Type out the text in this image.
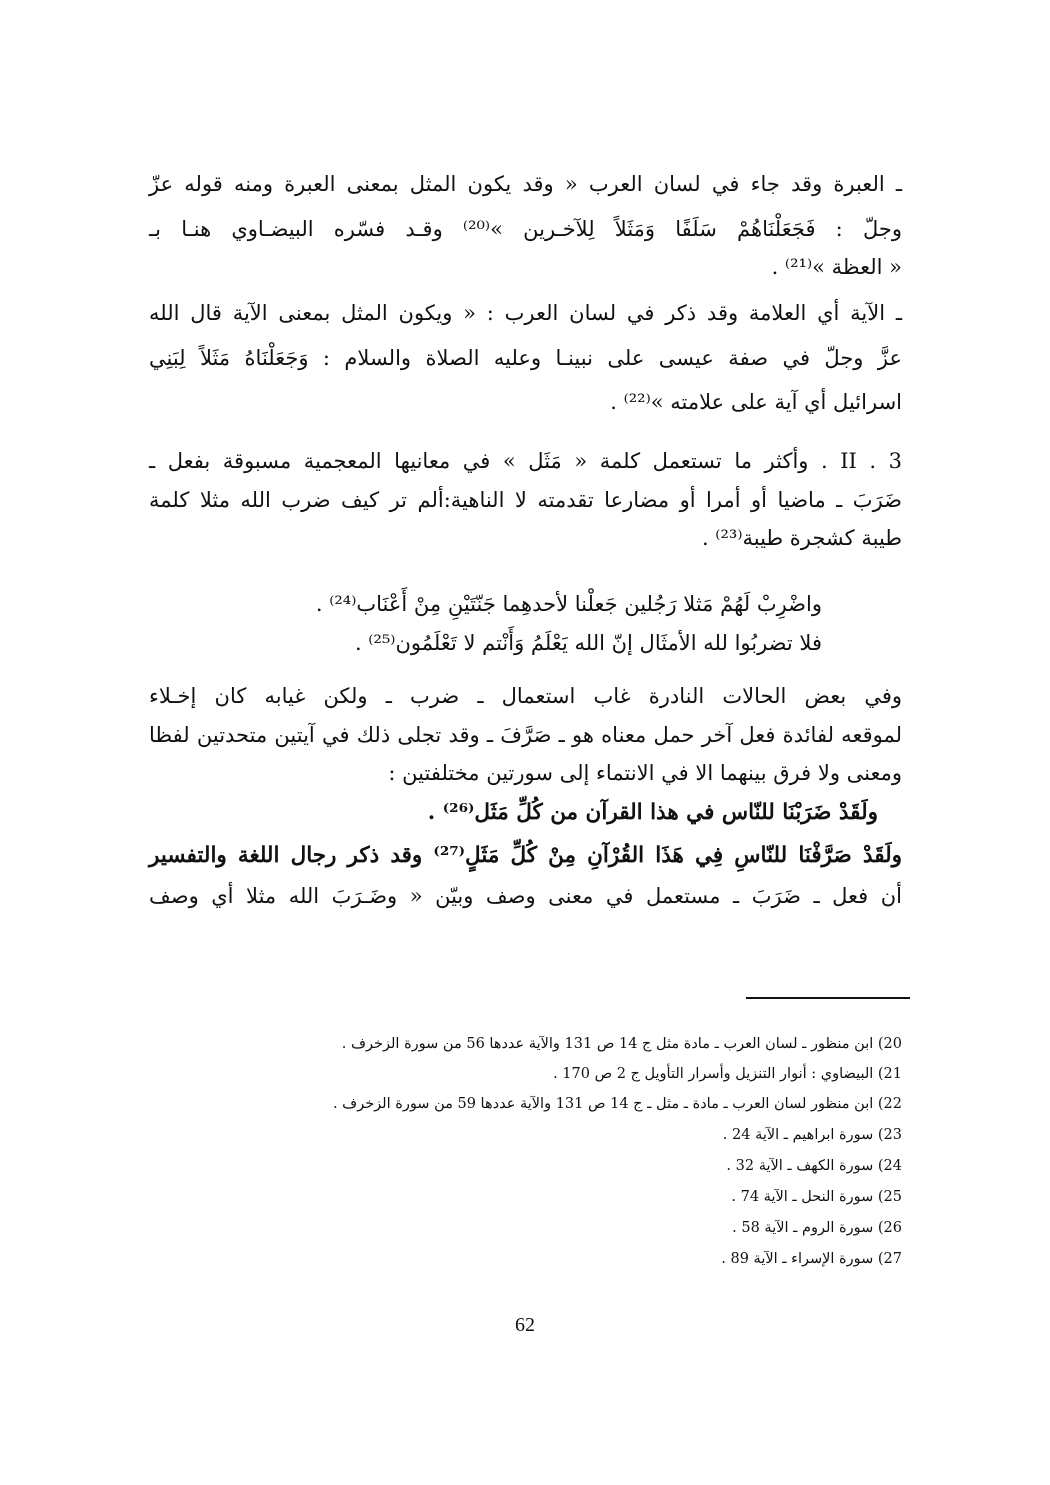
ـ العبرة وقد جاء في لسان العرب « وقد يكون المثل بمعنى العبرة ومنه قوله عزّ
وجلّ : فَجَعَلْنَاهُمْ سَلَفًا وَمَثَلاً لِلآخـرين »⁽²⁰⁾ وقـد فسّره البيضـاوي هنـا بـ
« العظة »⁽²¹⁾ .
ـ الآية أي العلامة وقد ذكر في لسان العرب : « ويكون المثل بمعنى الآية قال الله
عزَّ وجلّ في صفة عيسى على نبينـا وعليه الصلاة والسلام : وَجَعَلْنَاهُ مَثَلاً لِبَنِي
اسرائيل أي آية على علامته »⁽²²⁾ .
II . 3 . وأكثر ما تستعمل كلمة « مَثَل » في معانيها المعجمية مسبوقة بفعل ـ
ضَرَبَ ـ ماضيا أو أمرا أو مضارعا تقدمته لا الناهية:ألم تر كيف ضرب الله مثلا كلمة
طيبة كشجرة طيبة⁽²³⁾ .
واضْرِبْ لَهُمْ مَثلا رَجُلين جَعلْنا لأحدهِما جَنّتَيْنِ مِنْ أَعْنَاب⁽²⁴⁾ .
فلا تضربُوا لله الأمثَال إنّ الله يَعْلَمُ وَأَنْتم لا تَعْلَمُون⁽²⁵⁾ .
وفي بعض الحالات النادرة غاب استعمال ـ ضرب ـ ولكن غيابه كان إخـلاء
لموقعه لفائدة فعل آخر حمل معناه هو ـ صَرَّفَ ـ وقد تجلى ذلك في آيتين متحدتين لفظا
ومعنى ولا فرق بينهما الا في الانتماء إلى سورتين مختلفتين :
ولَقَدْ ضَرَبْنَا للنّاس في هذا القرآن من كُلِّ مَثَل⁽²⁶⁾ .
ولَقَدْ صَرَّفْنَا للنّاسِ فِي هَذَا القُرْآنِ مِنْ كُلِّ مَثَلٍ⁽²⁷⁾ وقد ذكر رجال اللغة والتفسير
أن فعل ـ ضَرَبَ ـ مستعمل في معنى وصف وبيّن « وضَـرَبَ الله مثلا أي وصف
20) ابن منظور ـ لسان العرب ـ مادة مثل ج 14 ص 131 والآية عددها 56 من سورة الزخرف .
21) البيضاوي : أنوار التنزيل وأسرار التأويل ج 2 ص 170 .
22) ابن منظور لسان العرب ـ مادة ـ مثل ـ ج 14 ص 131 والآية عددها 59 من سورة الزخرف .
23) سورة ابراهيم ـ الآية 24 .
24) سورة الكهف ـ الآية 32 .
25) سورة النحل ـ الآية 74 .
26) سورة الروم ـ الآية 58 .
27) سورة الإسراء ـ الآية 89 .
62
